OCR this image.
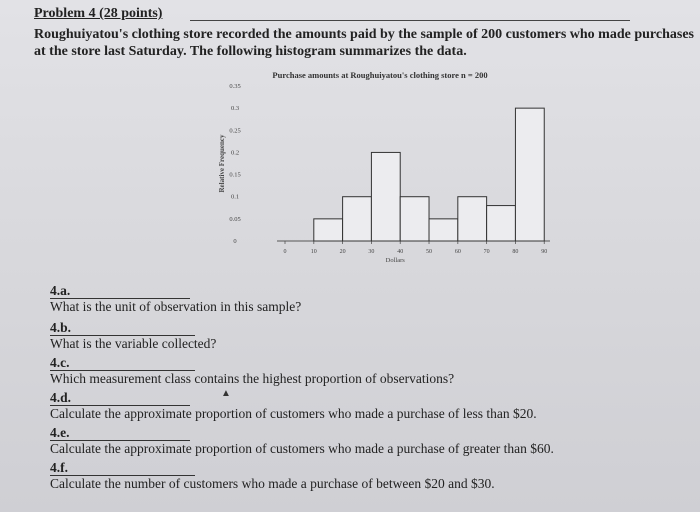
Problem 4 (28 points)
Roughuiyatou's clothing store recorded the amounts paid by the sample of 200 customers who made purchases at the store last Saturday. The following histogram summarizes the data.
Purchase amounts at Roughuiyatou's clothing store n = 200
Relative Frequency
0
0.05
0.1
0.15
0.2
0.25
0.3
0.35
0	10	20	30	40	50	60	70	80	90
Dollars
4.a.
What is the unit of observation in this sample?
4.b.
What is the variable collected?
4.c.
Which measurement class contains the highest proportion of observations?
4.d.
Calculate the approximate proportion of customers who made a purchase of less than $20.
4.e.
Calculate the approximate proportion of customers who made a purchase of greater than $60.
4.f.
Calculate the number of customers who made a purchase of between $20 and $30.
▲
